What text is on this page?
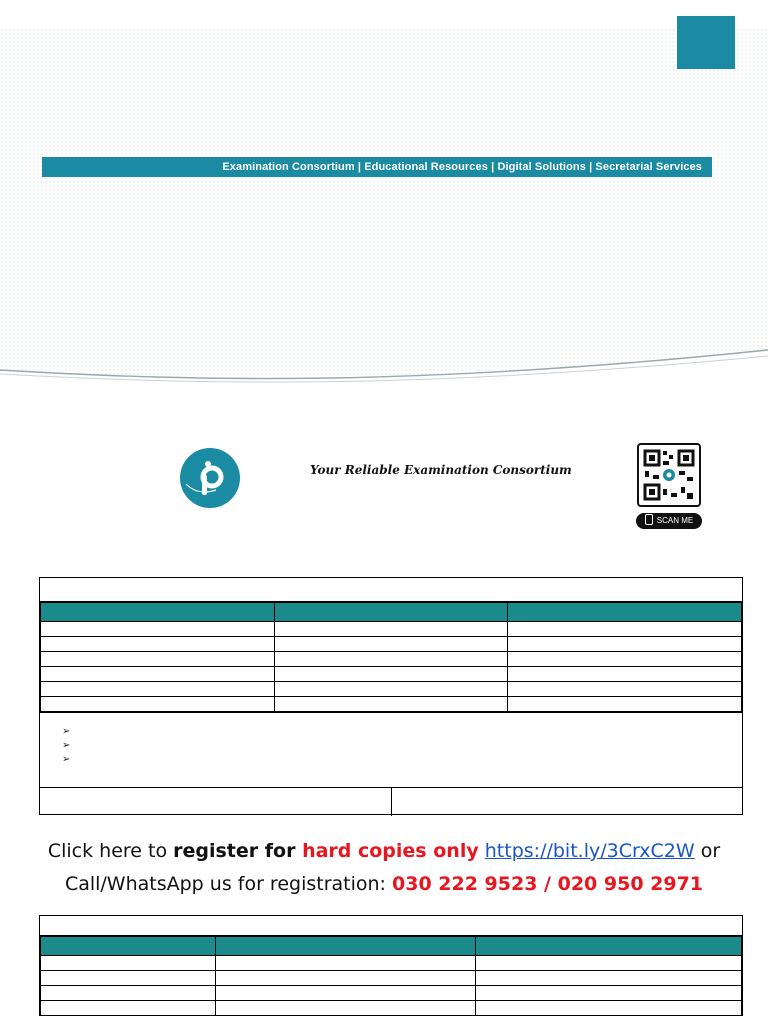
Examination Consortium | Educational Resources | Digital Solutions | Secretarial Services
Your Reliable Examination Consortium
SCAN ME

➢
➢
➢
Click here to register for hard copies only https://bit.ly/3CrxC2W or
Call/WhatsApp us for registration: 030 222 9523 / 020 950 2971
